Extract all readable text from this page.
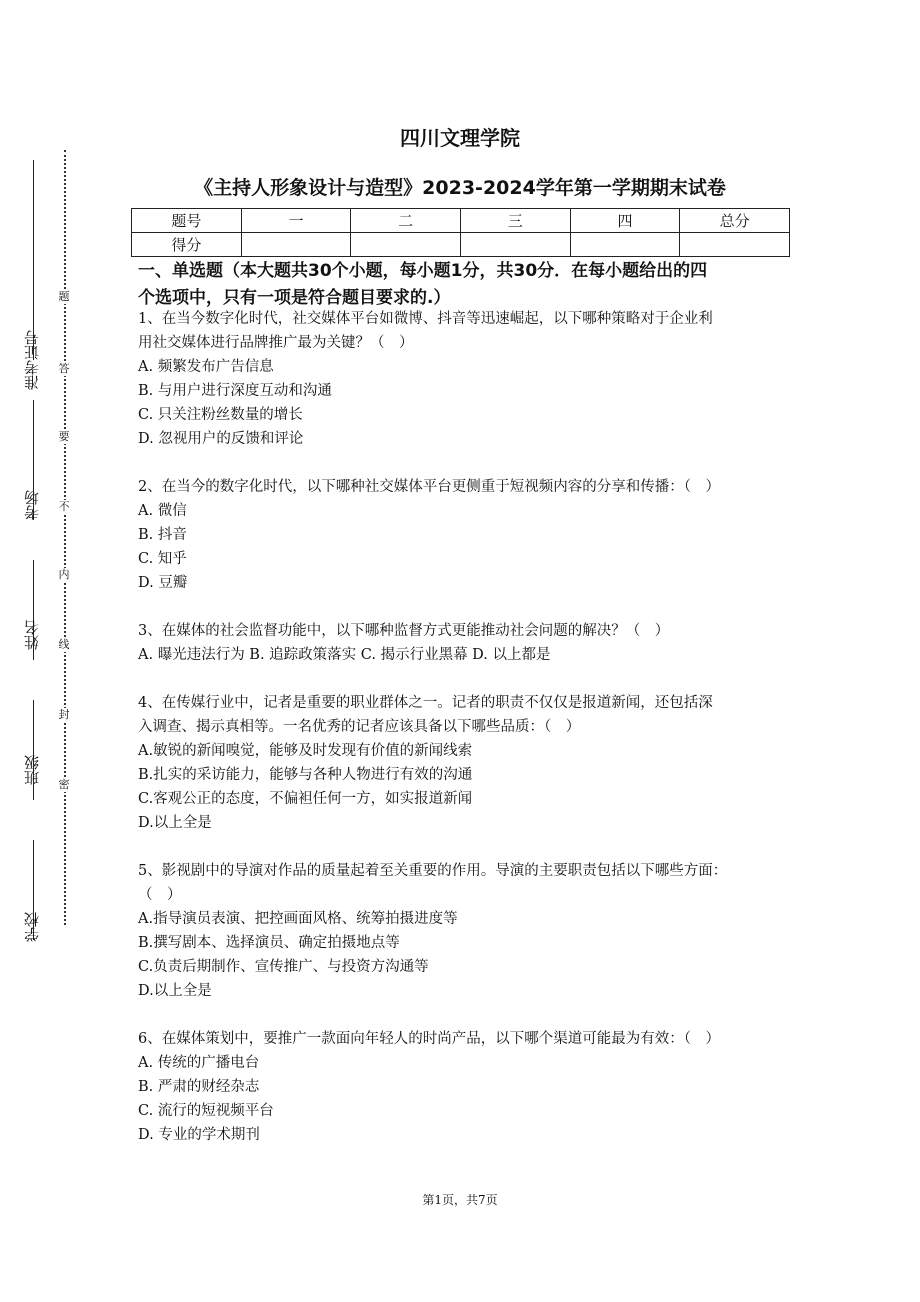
准考证号
考场
姓名
班级
学校
题
答
要
不
内
线
封
密
四川文理学院
《主持人形象设计与造型》2023-2024学年第一学期期末试卷
题号	一	二	三	四	总分
得分					
一、单选题（本大题共30个小题，每小题1分，共30分．在每小题给出的四
个选项中，只有一项是符合题目要求的.）

1、在当今数字化时代，社交媒体平台如微博、抖音等迅速崛起，以下哪种策略对于企业利

用社交媒体进行品牌推广最为关键？（　）

A. 频繁发布广告信息

B. 与用户进行深度互动和沟通

C. 只关注粉丝数量的增长

D. 忽视用户的反馈和评论

2、在当今的数字化时代，以下哪种社交媒体平台更侧重于短视频内容的分享和传播：（　）

A. 微信

B. 抖音

C. 知乎

D. 豆瓣

3、在媒体的社会监督功能中，以下哪种监督方式更能推动社会问题的解决？（　）

A. 曝光违法行为 B. 追踪政策落实 C. 揭示行业黑幕 D. 以上都是

4、在传媒行业中，记者是重要的职业群体之一。记者的职责不仅仅是报道新闻，还包括深

入调查、揭示真相等。一名优秀的记者应该具备以下哪些品质：（　）

A.敏锐的新闻嗅觉，能够及时发现有价值的新闻线索

B.扎实的采访能力，能够与各种人物进行有效的沟通

C.客观公正的态度，不偏袒任何一方，如实报道新闻

D.以上全是

5、影视剧中的导演对作品的质量起着至关重要的作用。导演的主要职责包括以下哪些方面：

（　）

A.指导演员表演、把控画面风格、统筹拍摄进度等

B.撰写剧本、选择演员、确定拍摄地点等

C.负责后期制作、宣传推广、与投资方沟通等

D.以上全是

6、在媒体策划中，要推广一款面向年轻人的时尚产品，以下哪个渠道可能最为有效：（　）

A. 传统的广播电台

B. 严肃的财经杂志

C. 流行的短视频平台

D. 专业的学术期刊

第1页，共7页
